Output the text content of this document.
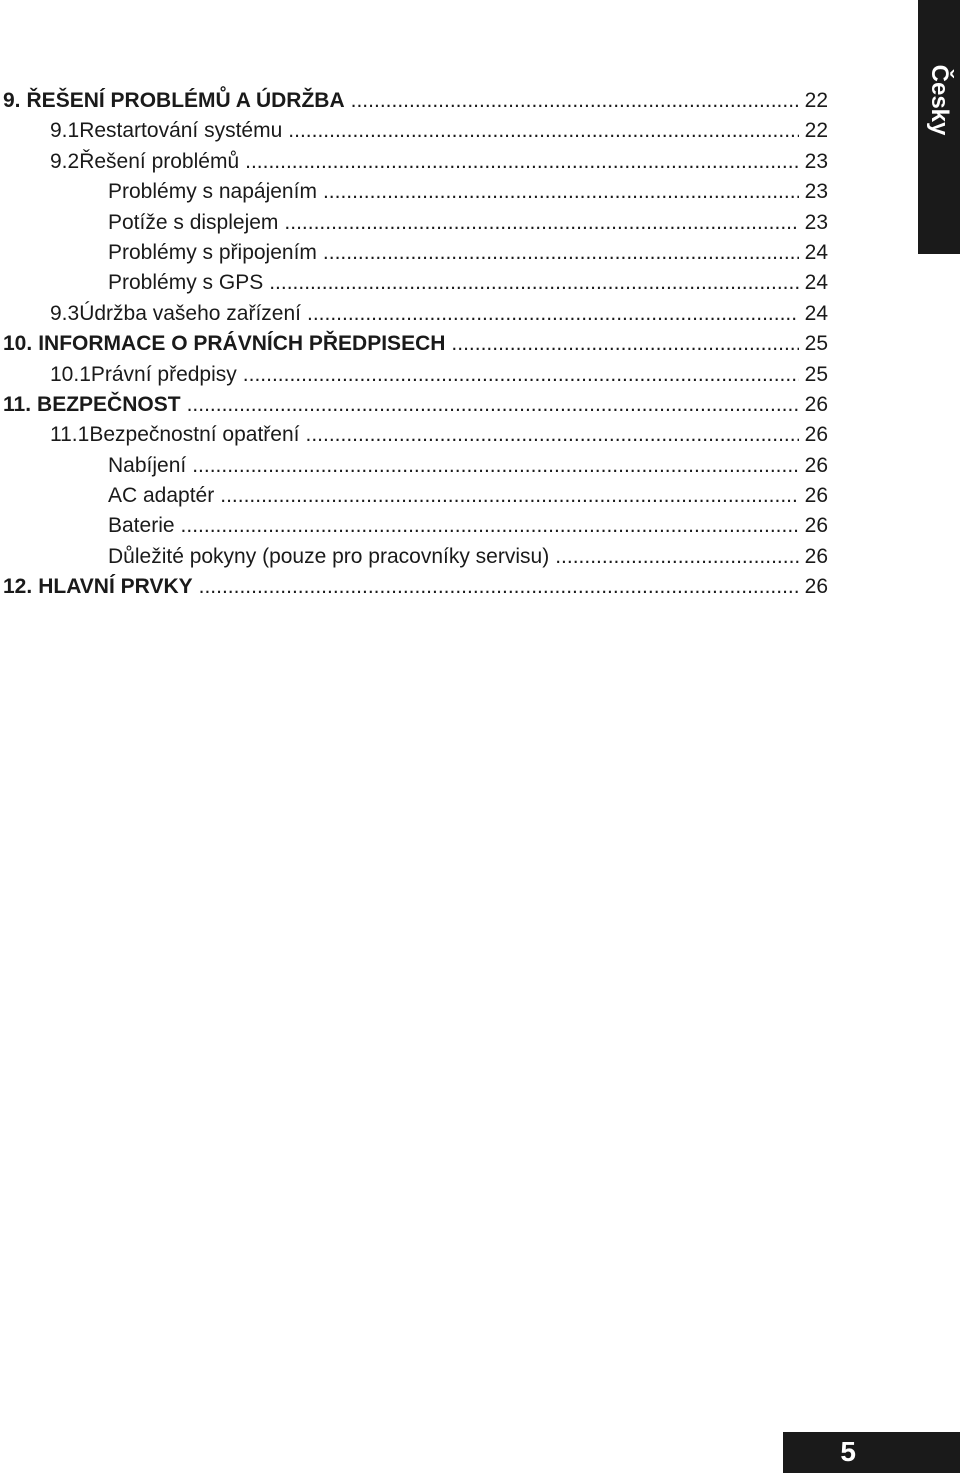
9. ŘEŠENÍ PROBLÉMŮ A ÚDRŽBA .....	22
9.1 Restartování systému .....	22
9.2 Řešení problémů .....	23
Problémy s napájením .....	23
Potíže s displejem .....	23
Problémy s připojením .....	24
Problémy s GPS .....	24
9.3 Údržba vašeho zařízení .....	24
10. INFORMACE O PRÁVNÍCH PŘEDPISECH .....	25
10.1 Právní předpisy .....	25
11. BEZPEČNOST .....	26
11.1 Bezpečnostní opatření .....	26
Nabíjení .....	26
AC adaptér .....	26
Baterie .....	26
Důležité pokyny (pouze pro pracovníky servisu) .....	26
12. HLAVNÍ PRVKY .....	26
Česky
5
